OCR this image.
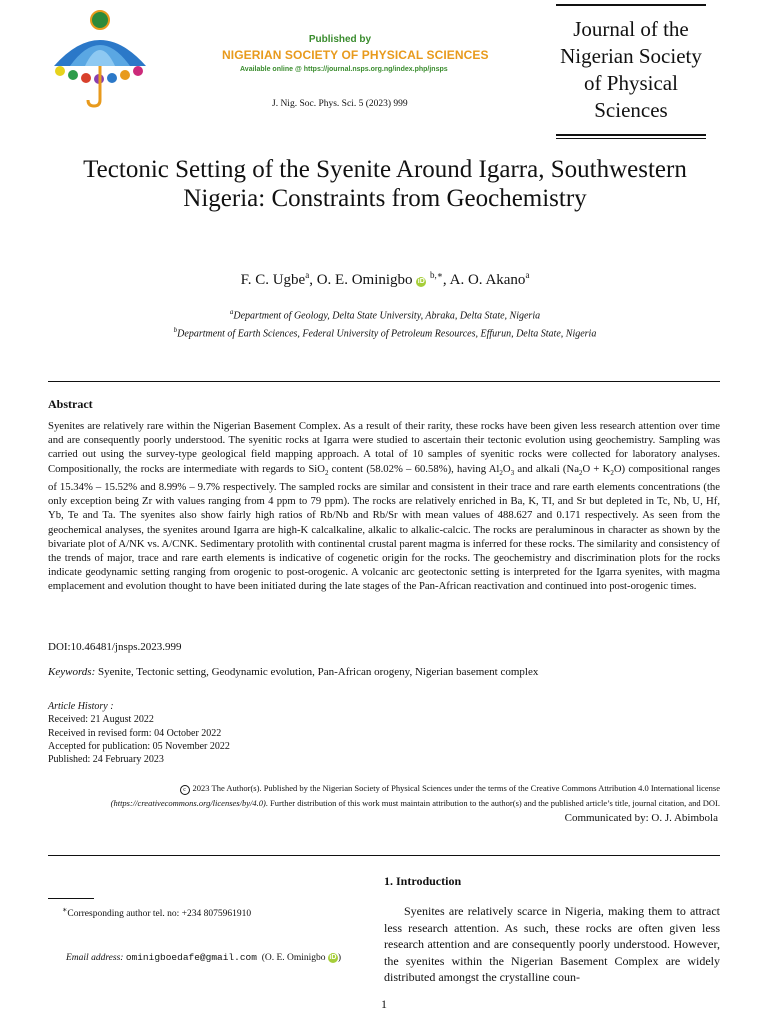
Published by
NIGERIAN SOCIETY OF PHYSICAL SCIENCES
Available online @ https://journal.nsps.org.ng/index.php/jnsps
J. Nig. Soc. Phys. Sci. 5 (2023) 999
Journal of the
Nigerian Society
of Physical
Sciences
Tectonic Setting of the Syenite Around Igarra, Southwestern Nigeria: Constraints from Geochemistry
F. C. Ugbe$^a$, O. E. Ominigbo iD $^{b,∗}$, A. O. Akano$^a$
$^a$Department of Geology, Delta State University, Abraka, Delta State, Nigeria
$^b$Department of Earth Sciences, Federal University of Petroleum Resources, Effurun, Delta State, Nigeria
Abstract
Syenites are relatively rare within the Nigerian Basement Complex. As a result of their rarity, these rocks have been given less research attention over time and are consequently poorly understood. The syenitic rocks at Igarra were studied to ascertain their tectonic evolution using geochemistry. Sampling was carried out using the survey-type geological field mapping approach. A total of 10 samples of syenitic rocks were collected for laboratory analyses. Compositionally, the rocks are intermediate with regards to SiO$_2$ content (58.02% – 60.58%), having $Al_2O_3$ and alkali $(Na_2O + K_2O)$ compositional ranges of 15.34% – 15.52% and 8.99% – 9.7% respectively. The sampled rocks are similar and consistent in their trace and rare earth elements concentrations (the only exception being Zr with values ranging from 4 ppm to 79 ppm). The rocks are relatively enriched in Ba, K, TI, and Sr but depleted in Tc, Nb, U, Hf, Yb, Te and Ta. The syenites also show fairly high ratios of Rb/Nb and Rb/Sr with mean values of 488.627 and 0.171 respectively. As seen from the geochemical analyses, the syenites around Igarra are high-K calcalkaline, alkalic to alkalic-calcic. The rocks are peraluminous in character as shown by the bivariate plot of A/NK vs. A/CNK. Sedimentary protolith with continental crustal parent magma is inferred for these rocks. The similarity and consistency of the trends of major, trace and rare earth elements is indicative of cogenetic origin for the rocks. The geochemistry and discrimination plots for the rocks indicate geodynamic setting ranging from orogenic to post-orogenic. A volcanic arc geotectonic setting is interpreted for the Igarra syenites, with magma emplacement and evolution thought to have been initiated during the late stages of the Pan-African reactivation and continued into post-orogenic times.
DOI:10.46481/jnsps.2023.999
Keywords: Syenite, Tectonic setting, Geodynamic evolution, Pan-African orogeny, Nigerian basement complex
Article History :
Received: 21 August 2022
Received in revised form: 04 October 2022
Accepted for publication: 05 November 2022
Published: 24 February 2023
c 2023 The Author(s). Published by the Nigerian Society of Physical Sciences under the terms of the Creative Commons Attribution 4.0 International license
(https://creativecommons.org/licenses/by/4.0). Further distribution of this work must maintain attribution to the author(s) and the published article’s title, journal citation, and DOI.
Communicated by: O. J. Abimbola
1. Introduction
Syenites are relatively scarce in Nigeria, making them to attract less research attention. As such, these rocks are often given less research attention and are consequently poorly understood. However, the syenites within the Nigerian Basement Complex are widely distributed amongst the crystalline coun-
∗Corresponding author tel. no: +234 8075961910
Email address: ominigboedafe@gmail.com (O. E. Ominigbo iD )
1
